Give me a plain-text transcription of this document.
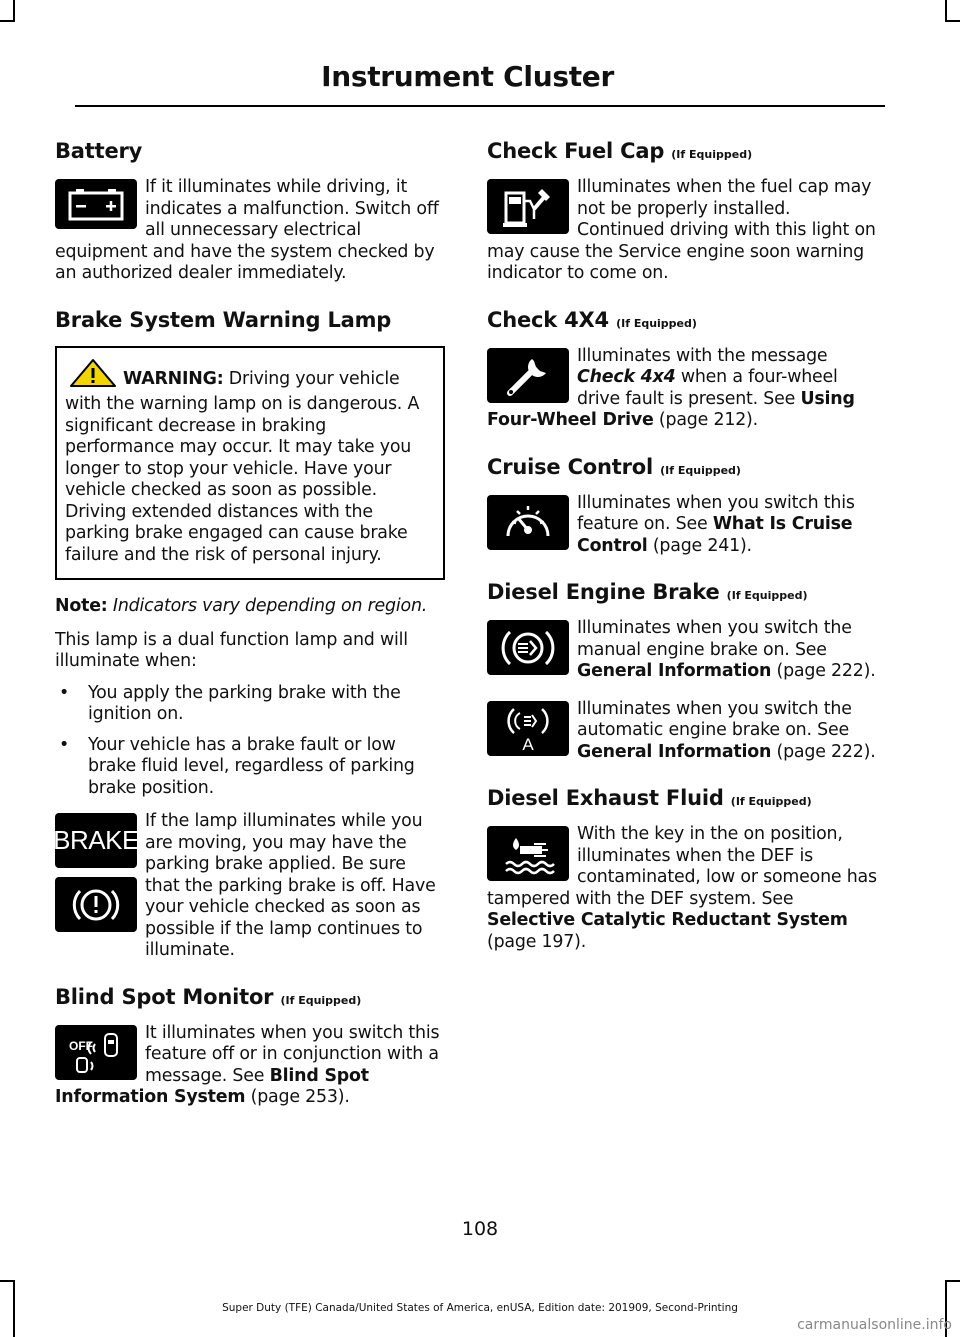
Instrument Cluster
Battery

If it illuminates while driving, it indicates a malfunction. Switch off all unnecessary electrical equipment and have the system checked by an authorized dealer immediately.

Brake System Warning Lamp

WARNING: Driving your vehicle with the warning lamp on is dangerous. A significant decrease in braking performance may occur. It may take you longer to stop your vehicle. Have your vehicle checked as soon as possible. Driving extended distances with the parking brake engaged can cause brake failure and the risk of personal injury.

Note: Indicators vary depending on region.

This lamp is a dual function lamp and will illuminate when:

• You apply the parking brake with the ignition on.
• Your vehicle has a brake fault or low brake fluid level, regardless of parking brake position.
BRAKE

If the lamp illuminates while you are moving, you may have the parking brake applied. Be sure that the parking brake is off. Have your vehicle checked as soon as possible if the lamp continues to illuminate.

Blind Spot Monitor (If Equipped)
OFF

It illuminates when you switch this feature off or in conjunction with a message. See Blind Spot Information System (page 253).

Check Fuel Cap (If Equipped)

Illuminates when the fuel cap may not be properly installed. Continued driving with this light on may cause the Service engine soon warning indicator to come on.

Check 4X4 (If Equipped)

Illuminates with the message Check 4x4 when a four-wheel drive fault is present. See Using Four-Wheel Drive (page 212).

Cruise Control (If Equipped)

Illuminates when you switch this feature on. See What Is Cruise Control (page 241).

Diesel Engine Brake (If Equipped)

Illuminates when you switch the manual engine brake on. See General Information (page 222).

A

Illuminates when you switch the automatic engine brake on. See General Information (page 222).

Diesel Exhaust Fluid (If Equipped)

With the key in the on position, illuminates when the DEF is contaminated, low or someone has tampered with the DEF system. See Selective Catalytic Reductant System (page 197).

108
Super Duty (TFE) Canada/United States of America, enUSA, Edition date: 201909, Second-Printing
carmanualsonline.info
